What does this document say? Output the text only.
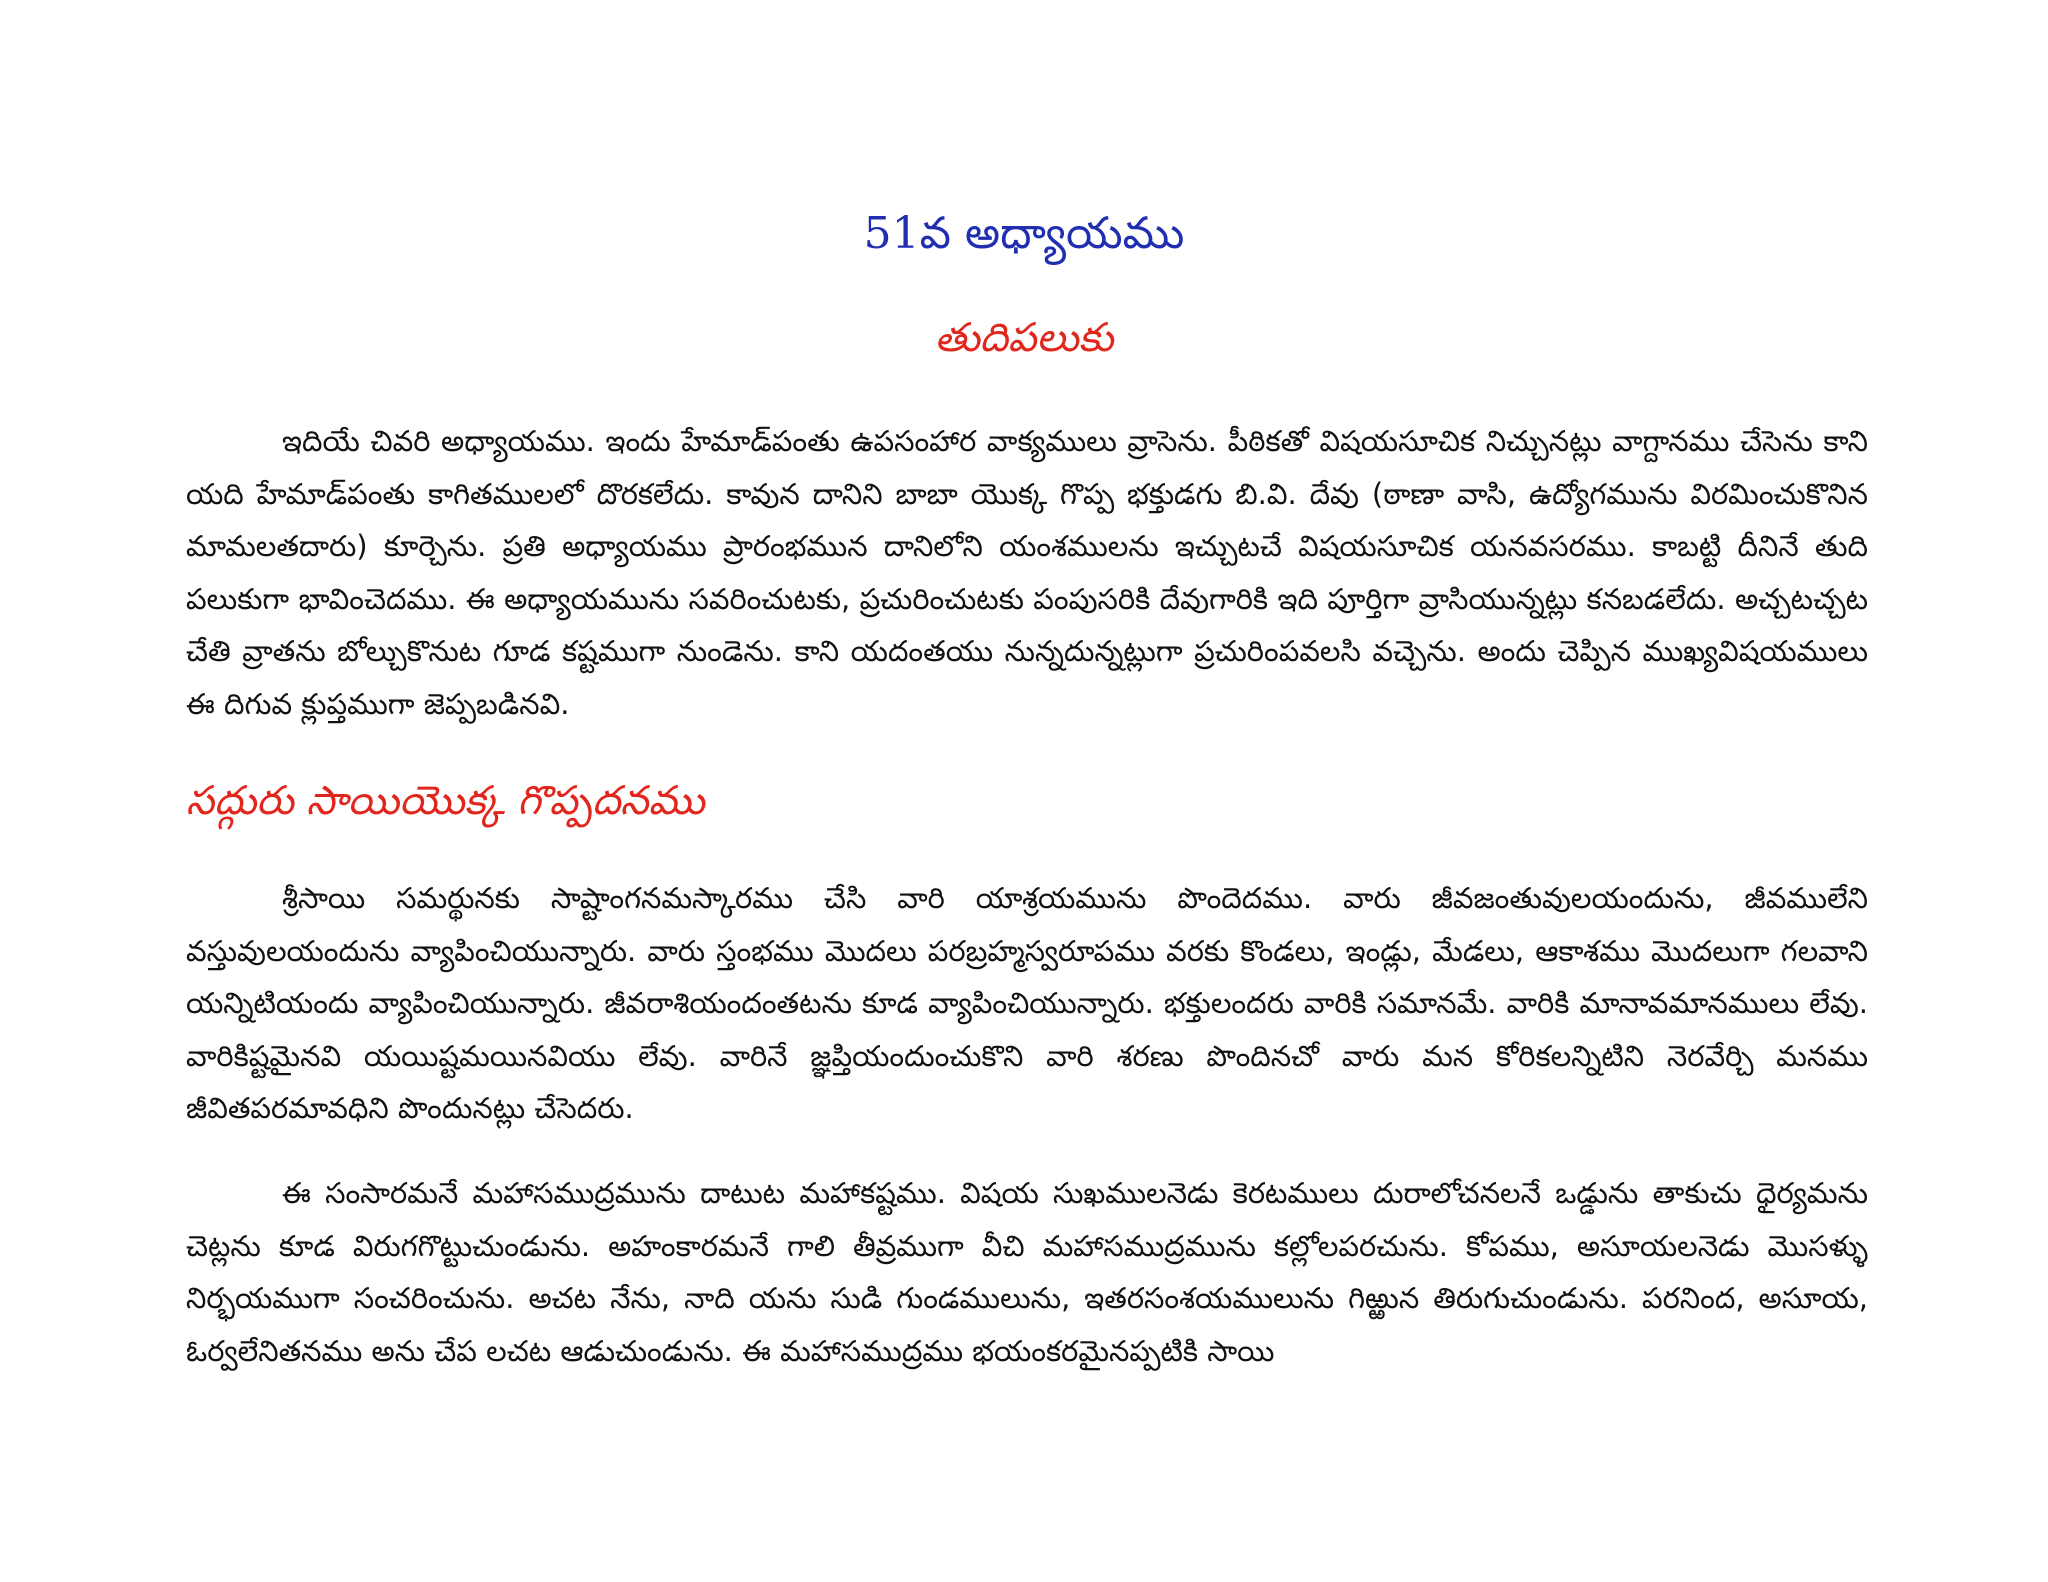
51వ అధ్యాయము
తుదిపలుకు

ఇదియే చివరి అధ్యాయము. ఇందు హేమాడ్‌పంతు ఉపసంహార వాక్యములు వ్రాసెను. పీఠికతో విషయసూచిక నిచ్చునట్లు వాగ్దానము చేసెను కాని యది హేమాడ్‌పంతు కాగితములలో దొరకలేదు. కావున దానిని బాబా యొక్క గొప్ప భక్తుడగు బి.వి. దేవు (ఠాణా వాసి, ఉద్యోగమును విరమించుకొనిన మామలతదారు) కూర్చెను. ప్రతి అధ్యాయము ప్రారంభమున దానిలోని యంశములను ఇచ్చుటచే విషయసూచిక యనవసరము. కాబట్టి దీనినే తుది పలుకుగా భావించెదము. ఈ అధ్యాయమును సవరించుటకు, ప్రచురించుటకు పంపుసరికి దేవుగారికి ఇది పూర్తిగా వ్రాసియున్నట్లు కనబడలేదు. అచ్చటచ్చట చేతి వ్రాతను బోల్చుకొనుట గూడ కష్టముగా నుండెను. కాని యదంతయు నున్నదున్నట్లుగా ప్రచురింపవలసి వచ్చెను. అందు చెప్పిన ముఖ్యవిషయములు ఈ దిగువ క్లుప్తముగా జెప్పబడినవి.

సద్గురు సాయియొక్క గొప్పదనము

శ్రీసాయి సమర్థునకు సాష్టాంగనమస్కారము చేసి వారి యాశ్రయమును పొందెదము. వారు జీవజంతువులయందును, జీవములేని వస్తువులయందును వ్యాపించియున్నారు. వారు స్తంభము మొదలు పరబ్రహ్మస్వరూపము వరకు కొండలు, ఇండ్లు, మేడలు, ఆకాశము మొదలుగా గలవాని యన్నిటియందు వ్యాపించియున్నారు. జీవరాశియందంతటను కూడ వ్యాపించియున్నారు. భక్తులందరు వారికి సమానమే. వారికి మానావమానములు లేవు. వారికిష్టమైనవి యయిష్టమయినవియు లేవు. వారినే జ్ఞప్తియందుంచుకొని వారి శరణు పొందినచో వారు మన కోరికలన్నిటిని నెరవేర్చి మనము జీవితపరమావధిని పొందునట్లు చేసెదరు.

ఈ సంసారమనే మహాసముద్రమును దాటుట మహాకష్టము. విషయ సుఖములనెడు కెరటములు దురాలోచనలనే ఒడ్డును తాకుచు ధైర్యమను చెట్లను కూడ విరుగగొట్టుచుండును. అహంకారమనే గాలి తీవ్రముగా వీచి మహాసముద్రమును కల్లోలపరచును. కోపము, అసూయలనెడు మొసళ్ళు నిర్భయముగా సంచరించును. అచట నేను, నాది యను సుడి గుండములును, ఇతరసంశయములును గిఱ్ఱున తిరుగుచుండును. పరనింద, అసూయ, ఓర్వలేనితనము అను చేప లచట ఆడుచుండును. ఈ మహాసముద్రము భయంకరమైనప్పటికి సాయి
